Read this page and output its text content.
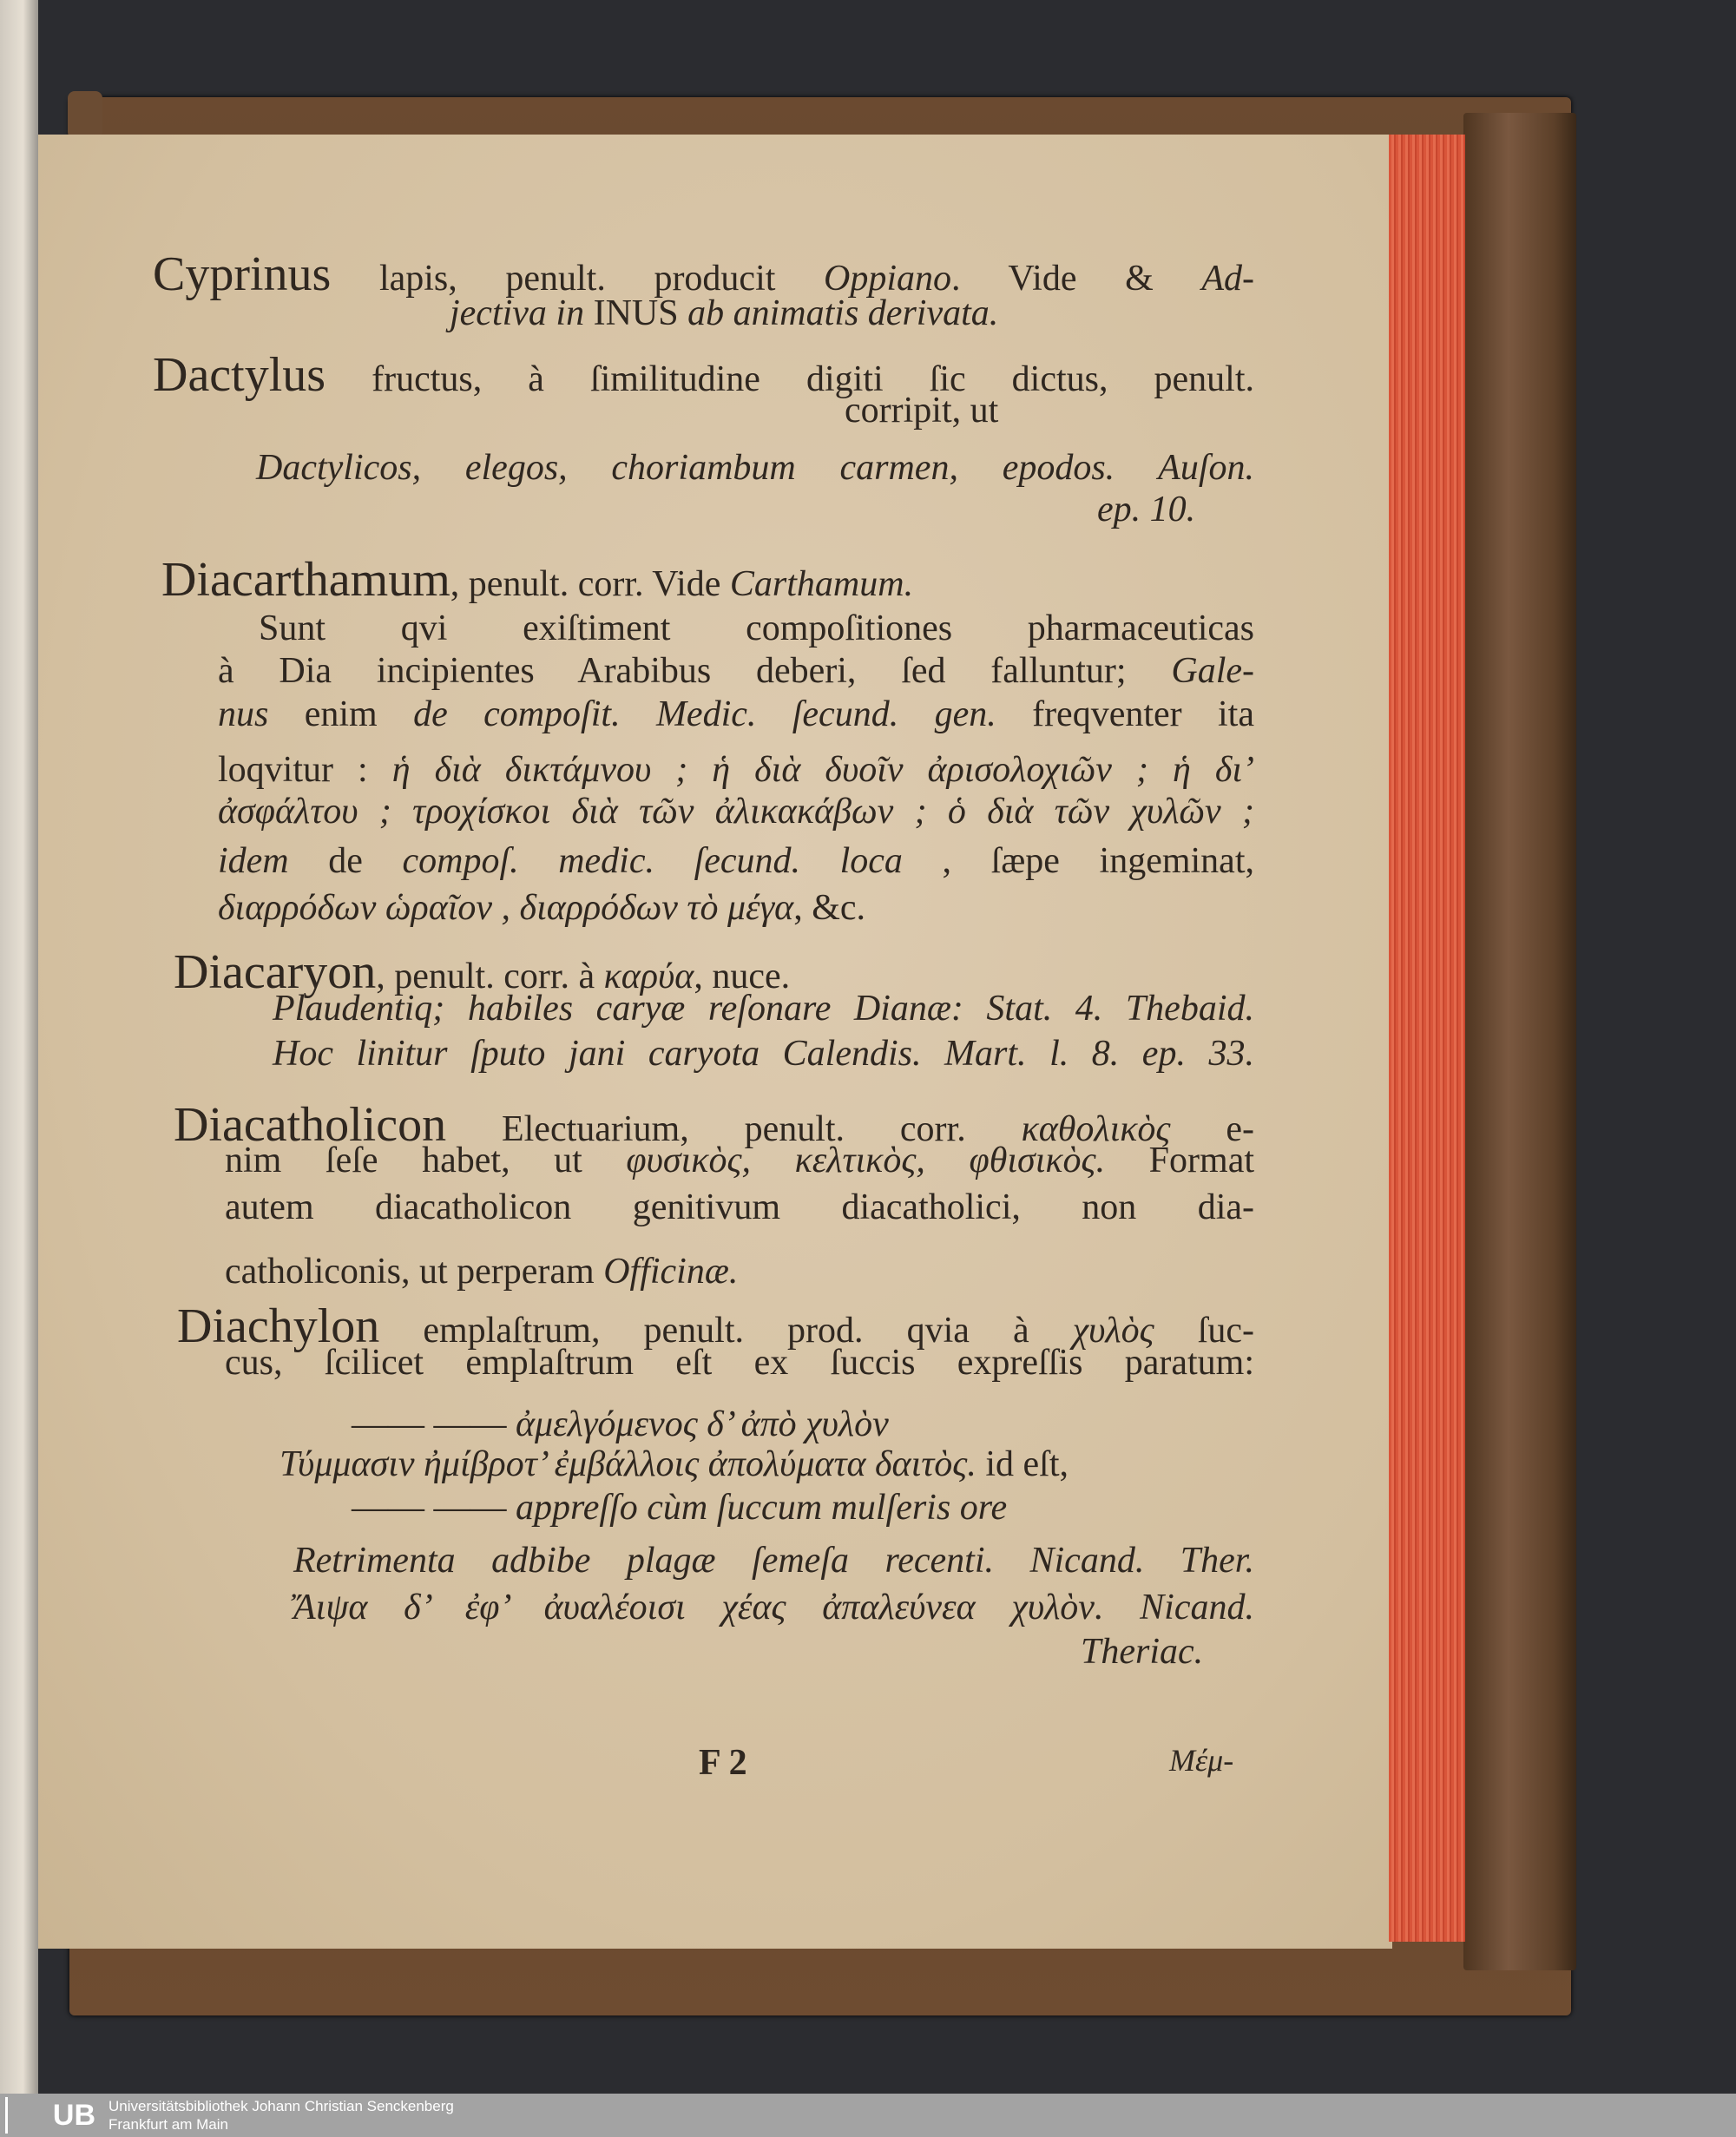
Cyprinus lapis, penult. producit Oppiano. Vide & Ad-
jectiva in INUS ab animatis derivata.
Dactylus fructus, à ſimilitudine digiti ſic dictus, penult.
corripit, ut
Dactylicos, elegos, choriambum carmen, epodos. Auſon.
ep. 10.
Diacarthamum, penult. corr. Vide Carthamum.
Sunt qvi exiſtiment compoſitiones pharmaceuticas
à Dia incipientes Arabibus deberi, ſed falluntur; Gale-
nus enim de compoſit. Medic. ſecund. gen. freqventer ita
loqvitur : ἡ διὰ δικτάμνου ; ἡ διὰ δυοῖν ἀρισολοχιῶν ; ἡ δι’
ἀσφάλτου ; τροχίσκοι διὰ τῶν ἀλικακάβων ; ὁ διὰ τῶν χυλῶν ;
idem de compoſ. medic. ſecund. loca , ſæpe ingeminat,
διαρρόδων ὡραῖον , διαρρόδων τὸ μέγα, &c.
Diacaryon, penult. corr. à καρύα, nuce.
Plaudentiq; habiles caryæ reſonare Dianæ: Stat. 4. Thebaid.
Hoc linitur ſputo jani caryota Calendis. Mart. l. 8. ep. 33.
Diacatholicon Electuarium, penult. corr. καθολικὸς e-
nim ſeſe habet, ut φυσικὸς, κελτικὸς, φθισικὸς. Format
autem diacatholicon genitivum diacatholici, non dia-
catholiconis, ut perperam Officinæ.
Diachylon emplaſtrum, penult. prod. qvia à χυλὸς ſuc-
cus, ſcilicet emplaſtrum eſt ex ſuccis expreſſis paratum:
—— —— ἀμελγόμενος δ’ ἀπὸ χυλὸν
Τύμμασιν ἠμίβροτ’ ἐμβάλλοις ἀπολύματα δαιτὸς. id eſt,
—— —— appreſſo cùm ſuccum mulſeris ore
Retrimenta adbibe plagæ ſemeſa recenti. Nicand. Ther.
Ἄιψα δ’ ἐφ’ ἀυαλέοισι χέας ἀπαλεύνεα χυλὸν. Nicand.
Theriac.
F 2	Μέμ-
UB Universitätsbibliothek Johann Christian Senckenberg
Frankfurt am Main
